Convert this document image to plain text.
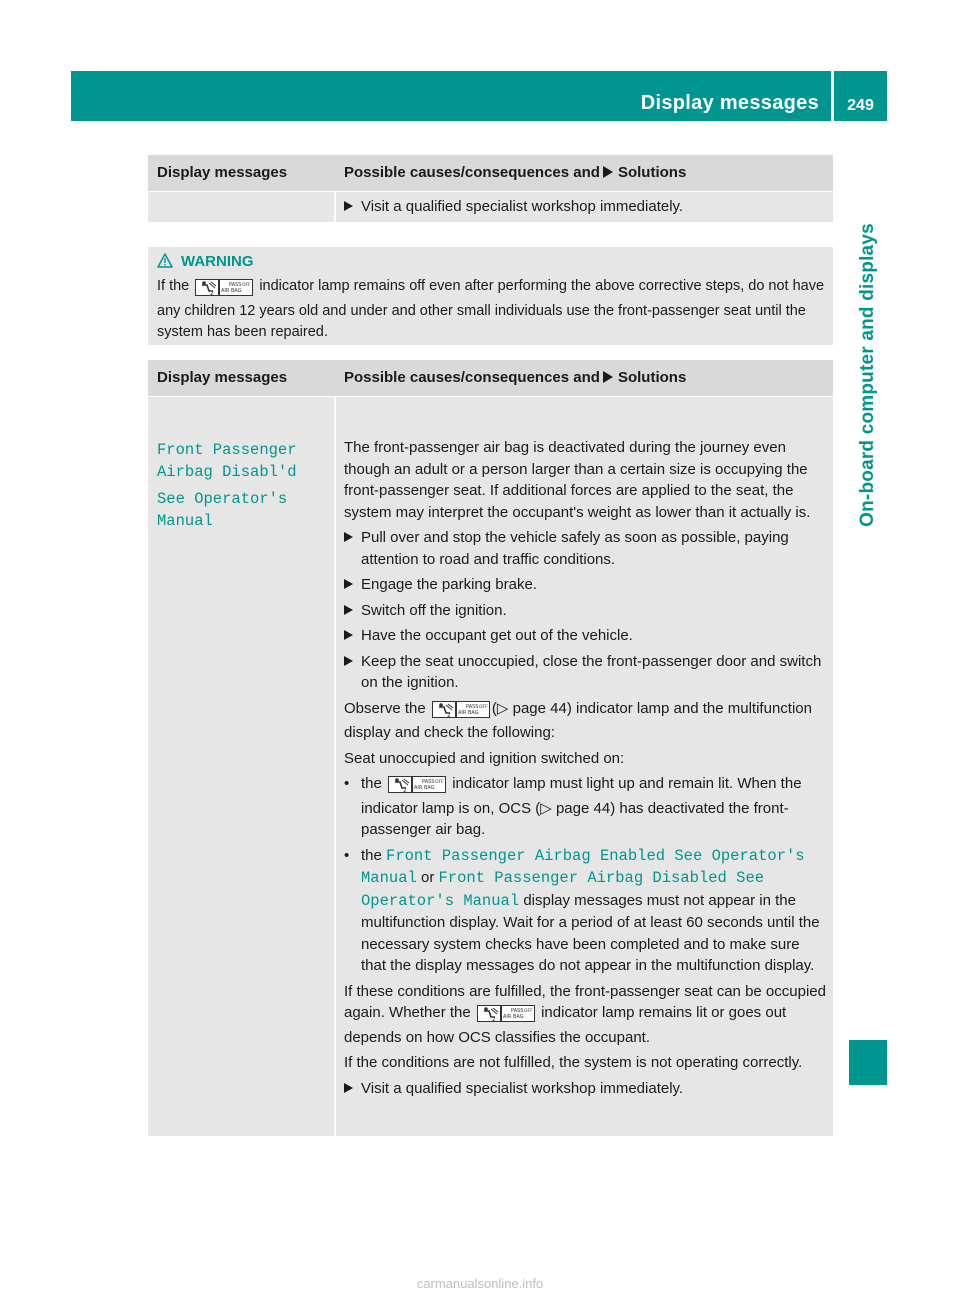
Display messages	249
On-board computer and displays
Display messages	Possible causes/consequences and Solutions
Visit a qualified specialist workshop immediately.
WARNING
If the	2
PASS
AIR BAG
OFF indicator lamp remains off even after performing the above corrective steps, do not have any children 12 years old and under and other small individuals use the front-passenger seat until the system has been repaired.
Display messages	Possible causes/consequences and Solutions
Front Passenger
Airbag Disabl'd
See Operator's
Manual
The front-passenger air bag is deactivated during the journey even though an adult or a person larger than a certain size is occupying the front-passenger seat. If additional forces are applied to the seat, the system may interpret the occupant's weight as lower than it actually is.
Pull over and stop the vehicle safely as soon as possible, paying attention to road and traffic conditions.
Engage the parking brake.
Switch off the ignition.
Have the occupant get out of the vehicle.
Keep the seat unoccupied, close the front-passenger door and switch on the ignition.
Observe the	2
PASS
AIR BAG
OFF (▷ page 44) indicator lamp and the multifunction display and check the following:
Seat unoccupied and ignition switched on:
• the	2
PASS
AIR BAG
OFF indicator lamp must light up and remain lit. When the indicator lamp is on, OCS (▷ page 44) has deactivated the front-passenger air bag.
• the Front Passenger Airbag Enabled See Operator's Manual or Front Passenger Airbag Disabled See Operator's Manual display messages must not appear in the multifunction display. Wait for a period of at least 60 seconds until the necessary system checks have been completed and to make sure that the display messages do not appear in the multifunction display.
If these conditions are fulfilled, the front-passenger seat can be occupied again. Whether the	2
PASS
AIR BAG
OFF indicator lamp remains lit or goes out depends on how OCS classifies the occupant.
If the conditions are not fulfilled, the system is not operating correctly.
Visit a qualified specialist workshop immediately.
carmanualsonline.info
